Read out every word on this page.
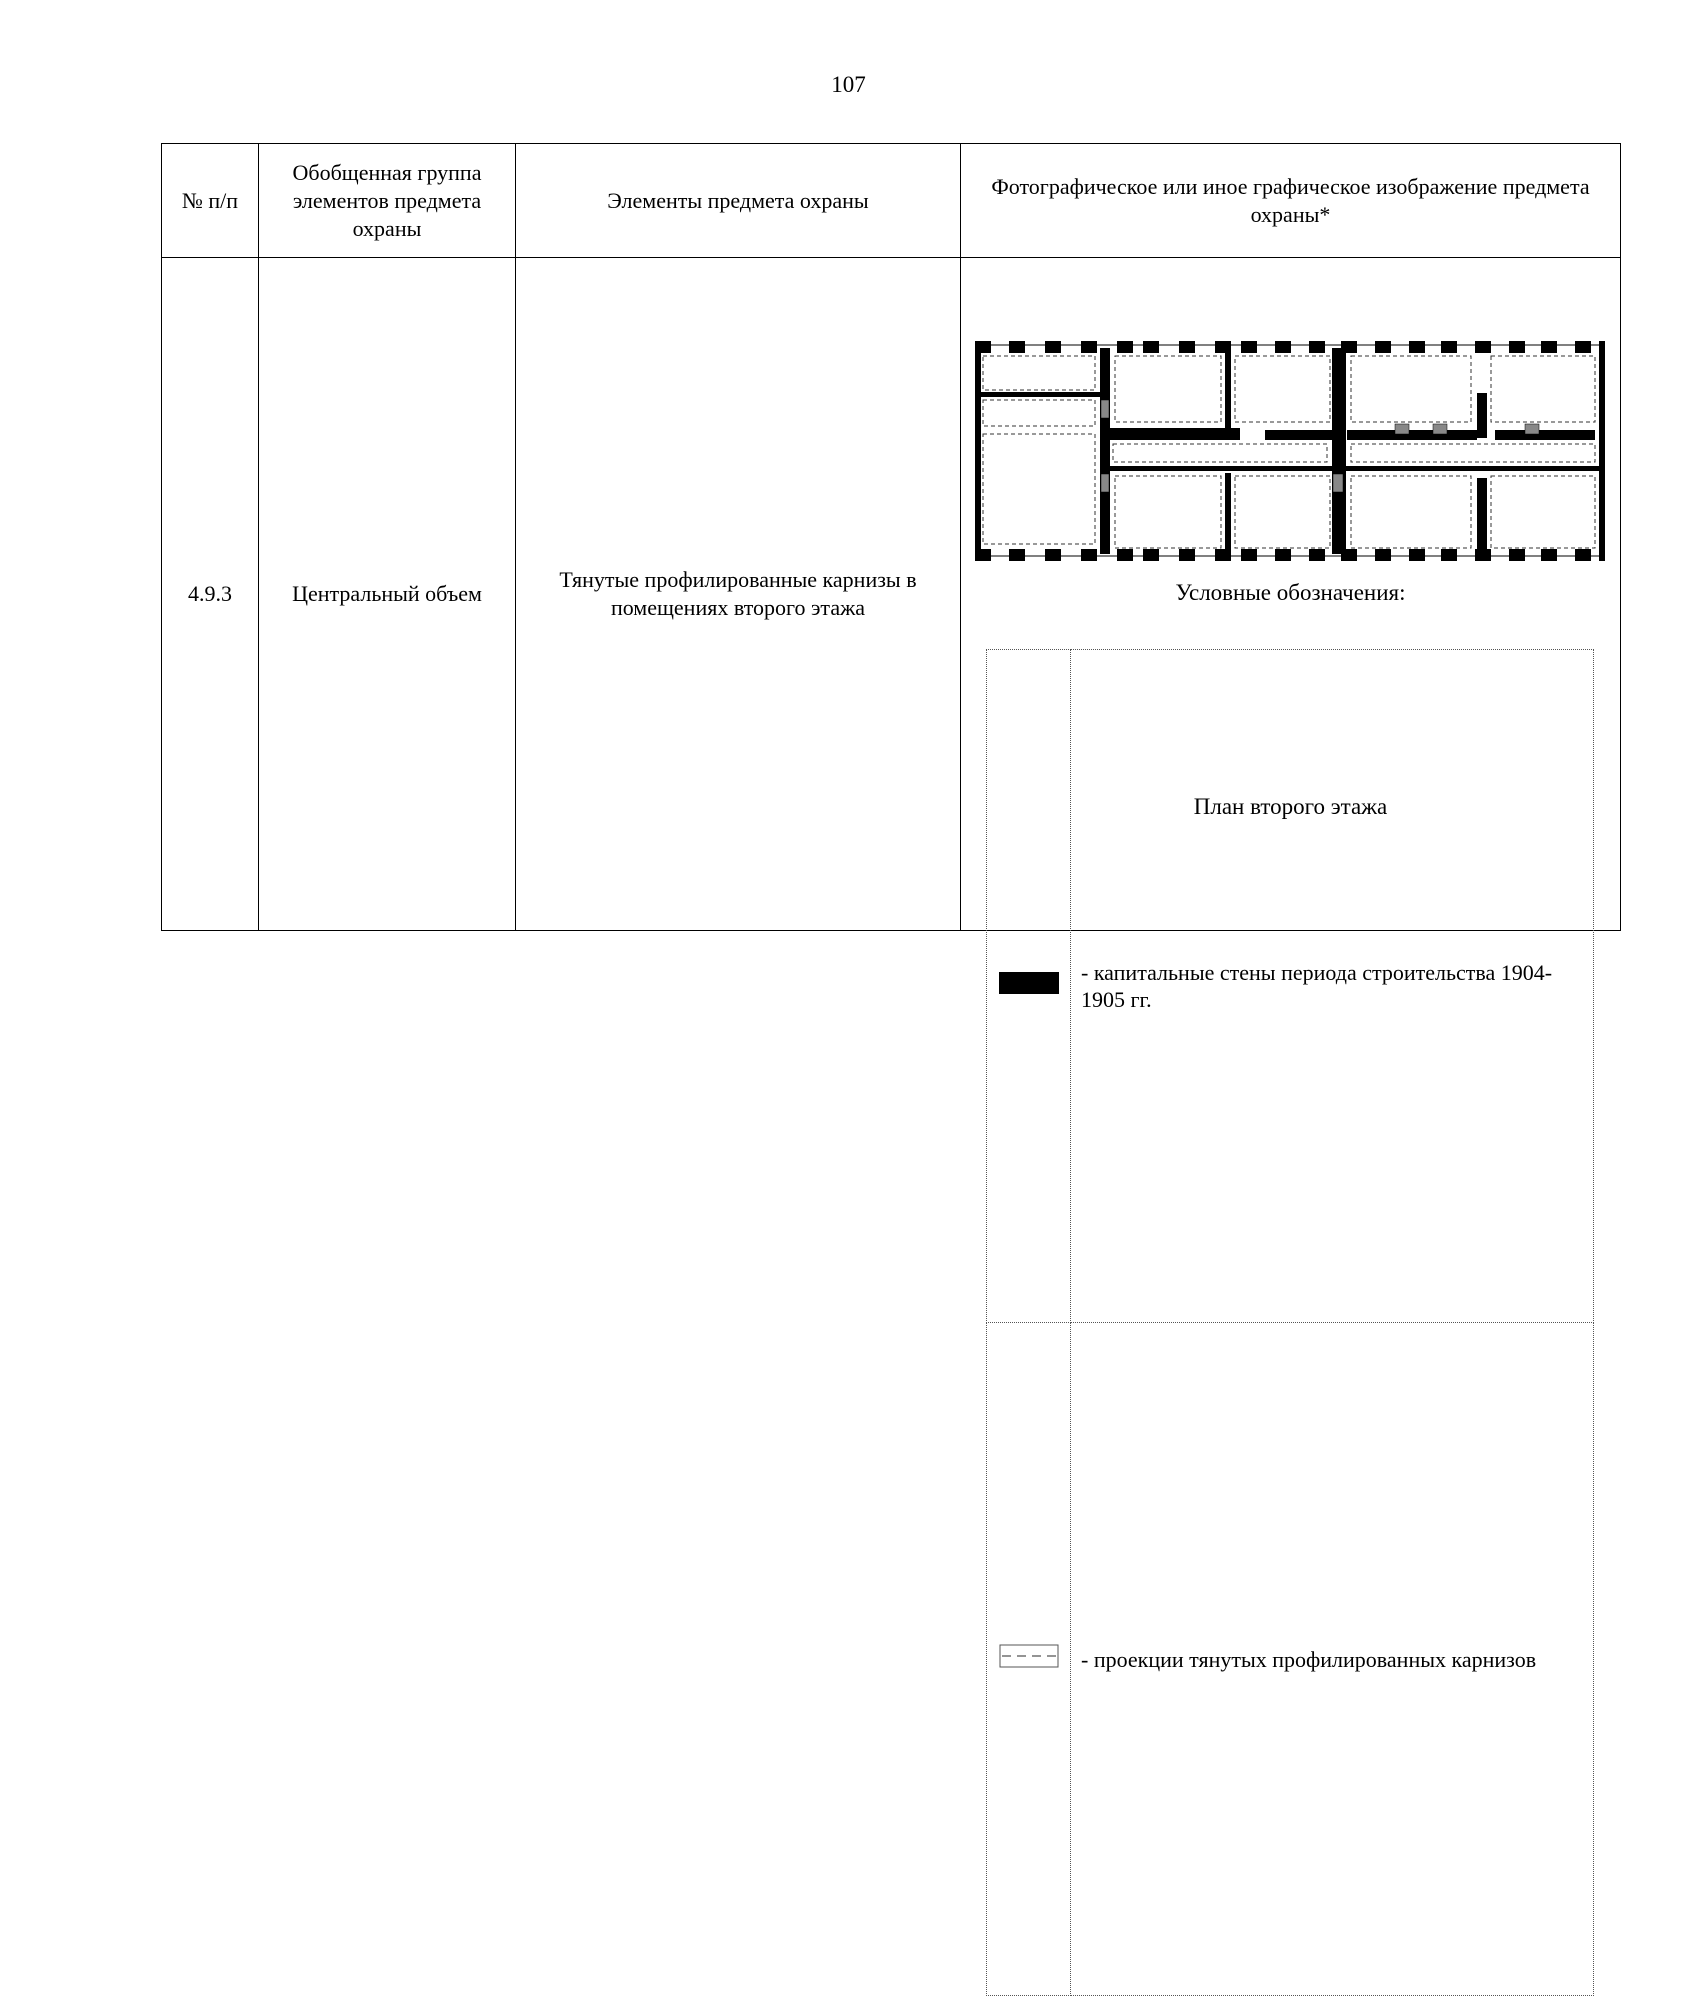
107
№ п/п	Обобщенная группа элементов предмета охраны	Элементы предмета охраны	Фотографическое или иное графическое изображение предмета охраны*
4.9.3	Центральный объем	Тянутые профилированные карнизы в помещениях второго этажа	
Условные обозначения:
	- капитальные стены периода строительства 1904-1905 гг.
	- проекции тянутых профилированных карнизов
План второго этажа
